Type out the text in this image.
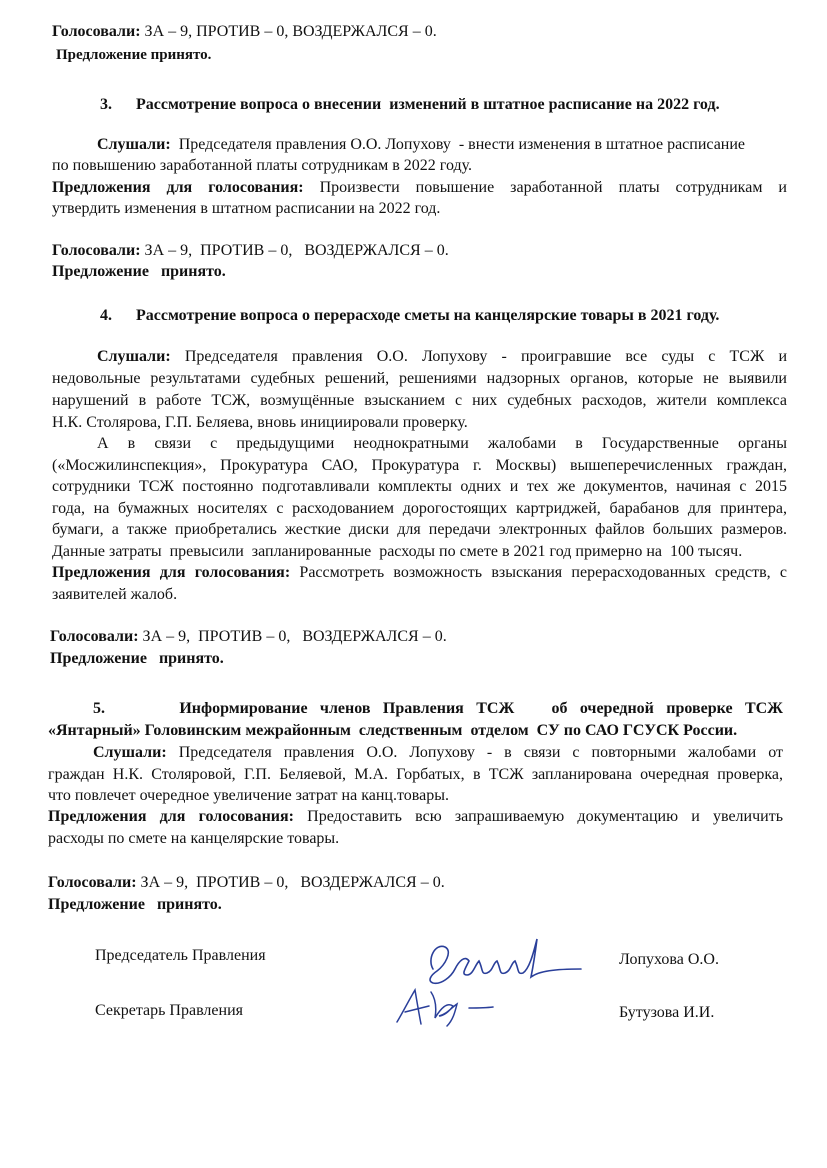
Голосовали: ЗА – 9, ПРОТИВ – 0, ВОЗДЕРЖАЛСЯ – 0.
Предложение принято.
3.      Рассмотрение вопроса о внесении  изменений в штатное расписание на 2022 год.
Слушали:  Председателя правления О.О. Лопухову  - внести изменения в штатное расписание
по повышению заработанной платы сотрудникам в 2022 году.
Предложения для голосования: Произвести повышение заработанной платы сотрудникам и
утвердить изменения в штатном расписании на 2022 год.
Голосовали: ЗА – 9,  ПРОТИВ – 0,   ВОЗДЕРЖАЛСЯ – 0.
Предложение   принято.
4.      Рассмотрение вопроса о перерасходе сметы на канцелярские товары в 2021 году.
Слушали: Председателя правления О.О. Лопухову - проигравшие все суды с ТСЖ и
недовольные результатами судебных решений, решениями надзорных органов, которые не выявили
нарушений в работе ТСЖ, возмущённые взысканием с них судебных расходов, жители комплекса
Н.К. Столярова, Г.П. Беляева, вновь инициировали проверку.
А в связи с предыдущими неоднократными жалобами в Государственные органы
(«Мосжилинспекция», Прокуратура САО, Прокуратура г. Москвы) вышеперечисленных граждан,
сотрудники ТСЖ постоянно подготавливали комплекты одних и тех же документов, начиная с 2015
года, на бумажных носителях с расходованием дорогостоящих картриджей, барабанов для принтера,
бумаги, а также приобретались жесткие диски для передачи электронных файлов больших размеров.
Данные затраты  превысили  запланированные  расходы по смете в 2021 год примерно на  100 тысяч.
Предложения для голосования: Рассмотреть возможность взыскания перерасходованных средств, с
заявителей жалоб.
Голосовали: ЗА – 9,  ПРОТИВ – 0,   ВОЗДЕРЖАЛСЯ – 0.
Предложение   принято.
5.      Информирование членов Правления ТСЖ   об очередной проверке ТСЖ
«Янтарный» Головинским межрайонным  следственным  отделом  СУ по САО ГСУСК России.
Слушали: Председателя правления О.О. Лопухову - в связи с повторными жалобами от
граждан Н.К. Столяровой, Г.П. Беляевой, М.А. Горбатых, в ТСЖ запланирована очередная проверка,
что повлечет очередное увеличение затрат на канц.товары.
Предложения для голосования: Предоставить всю запрашиваемую документацию и увеличить
расходы по смете на канцелярские товары.
Голосовали: ЗА – 9,  ПРОТИВ – 0,   ВОЗДЕРЖАЛСЯ – 0.
Предложение   принято.
Председатель Правления	Лопухова О.О.
Секретарь Правления	Бутузова И.И.
